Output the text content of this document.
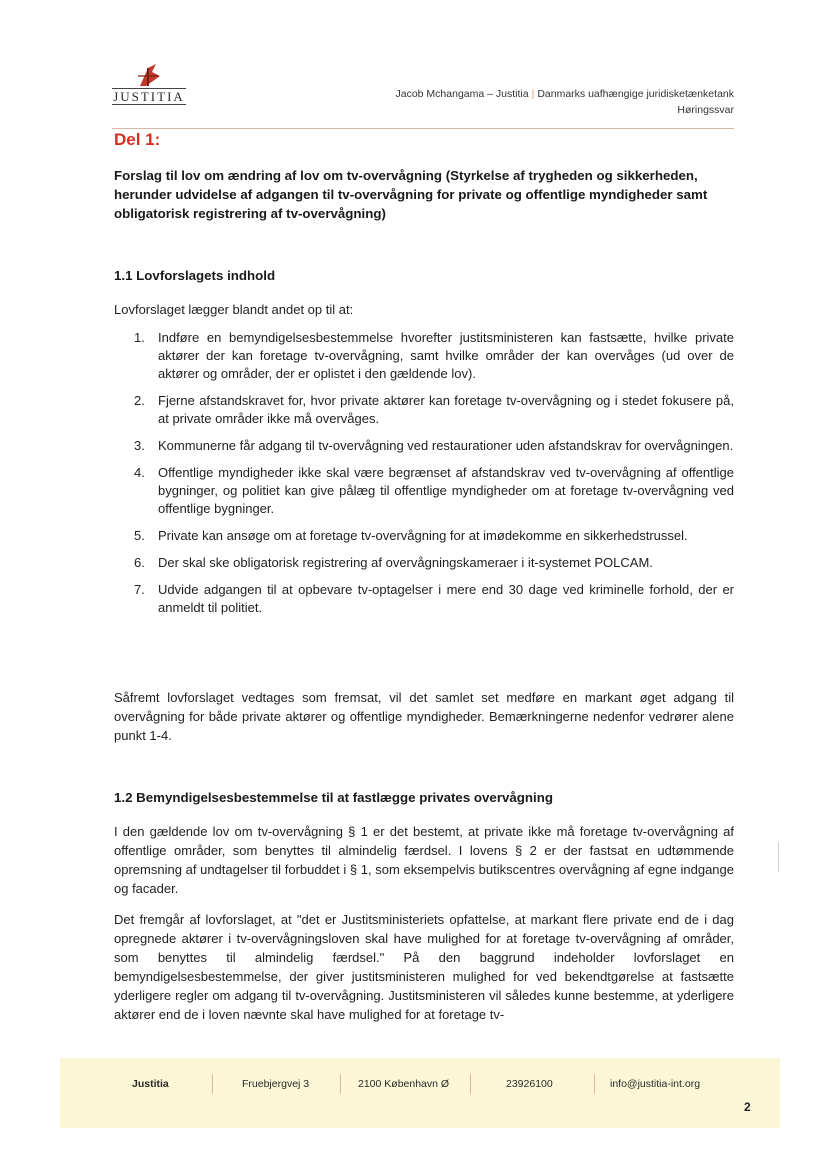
JUSTITIA	Jacob Mchangama – Justitia | Danmarks uafhængige juridisketænketank
Høringssvar
Del 1:

Forslag til lov om ændring af lov om tv-overvågning (Styrkelse af trygheden og sikkerheden, herunder udvidelse af adgangen til tv-overvågning for private og offentlige myndigheder samt obligatorisk registrering af tv-overvågning)

1.1 Lovforslagets indhold

Lovforslaget lægger blandt andet op til at:

1. Indføre en bemyndigelsesbestemmelse hvorefter justitsministeren kan fastsætte, hvilke private aktører der kan foretage tv-overvågning, samt hvilke områder der kan overvåges (ud over de aktører og områder, der er oplistet i den gældende lov).
2. Fjerne afstandskravet for, hvor private aktører kan foretage tv-overvågning og i stedet fokusere på, at private områder ikke må overvåges.
3. Kommunerne får adgang til tv-overvågning ved restaurationer uden afstandskrav for overvågningen.
4. Offentlige myndigheder ikke skal være begrænset af afstandskrav ved tv-overvågning af offentlige bygninger, og politiet kan give pålæg til offentlige myndigheder om at foretage tv-overvågning ved offentlige bygninger.
5. Private kan ansøge om at foretage tv-overvågning for at imødekomme en sikkerhedstrussel.
6. Der skal ske obligatorisk registrering af overvågningskameraer i it-systemet POLCAM.
7. Udvide adgangen til at opbevare tv-optagelser i mere end 30 dage ved kriminelle forhold, der er anmeldt til politiet.

Såfremt lovforslaget vedtages som fremsat, vil det samlet set medføre en markant øget adgang til overvågning for både private aktører og offentlige myndigheder. Bemærkningerne nedenfor vedrører alene punkt 1-4.

1.2 Bemyndigelsesbestemmelse til at fastlægge privates overvågning

I den gældende lov om tv-overvågning § 1 er det bestemt, at private ikke må foretage tv-overvågning af offentlige områder, som benyttes til almindelig færdsel. I lovens § 2 er der fastsat en udtømmende opremsning af undtagelser til forbuddet i § 1, som eksempelvis butikscentres overvågning af egne indgange og facader.

Det fremgår af lovforslaget, at "det er Justitsministeriets opfattelse, at markant flere private end de i dag opregnede aktører i tv-overvågningsloven skal have mulighed for at foretage tv-overvågning af områder, som benyttes til almindelig færdsel." På den baggrund indeholder lovforslaget en bemyndigelsesbestemmelse, der giver justitsministeren mulighed for ved bekendtgørelse at fastsætte yderligere regler om adgang til tv-overvågning. Justitsministeren vil således kunne bestemme, at yderligere aktører end de i loven nævnte skal have mulighed for at foretage tv-

Justitia	Fruebjergvej 3	2100 København Ø	23926100	info@justitia-int.org
2
